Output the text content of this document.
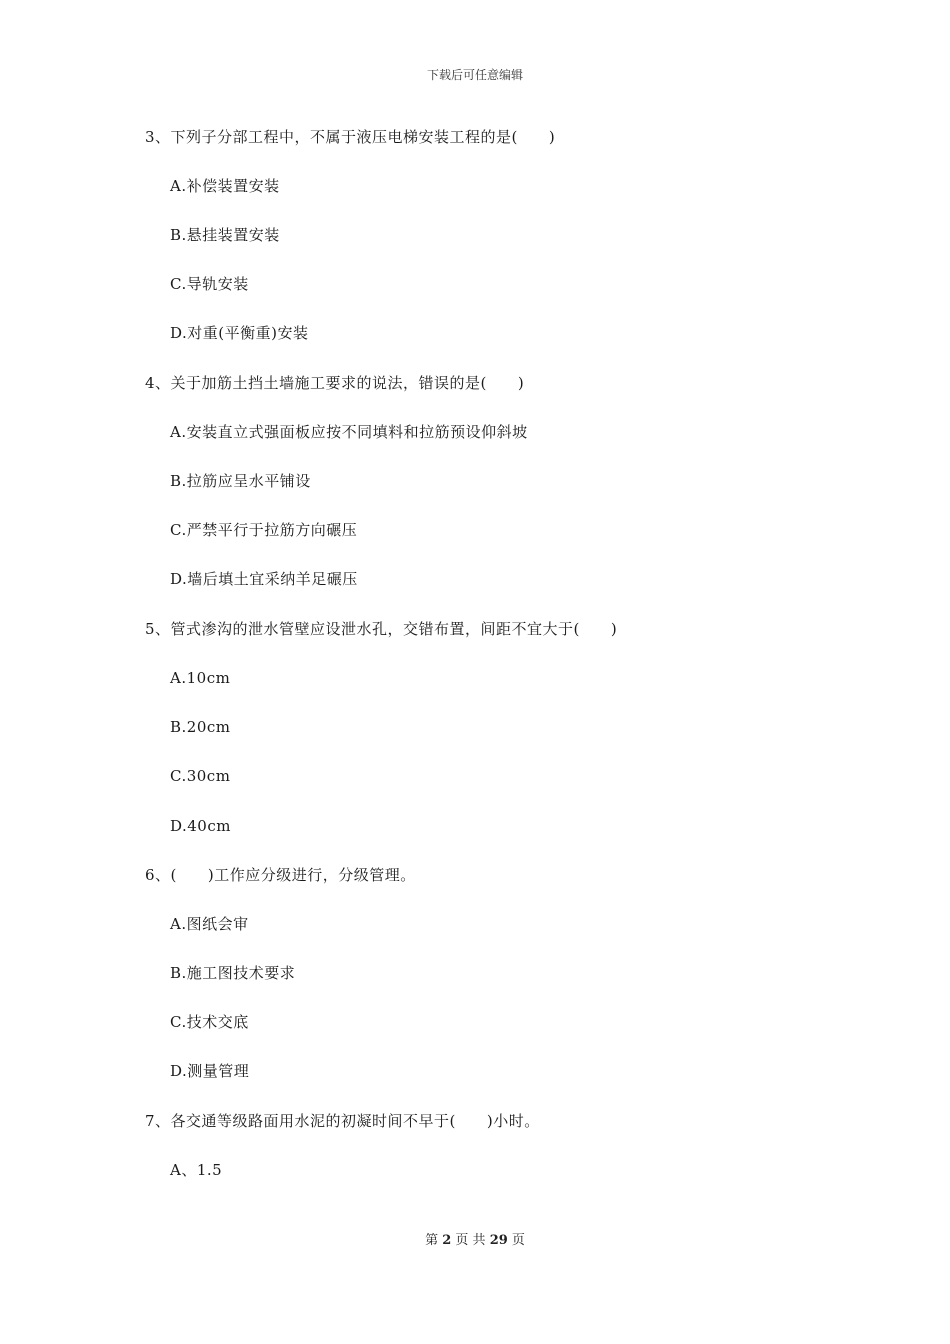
下载后可任意编辑
3、下列子分部工程中，不属于液压电梯安装工程的是(　　)
A.补偿装置安装
B.悬挂装置安装
C.导轨安装
D.对重(平衡重)安装
4、关于加筋土挡土墙施工要求的说法，错误的是(　　)
A.安装直立式强面板应按不同填料和拉筋预设仰斜坡
B.拉筋应呈水平铺设
C.严禁平行于拉筋方向碾压
D.墙后填土宜采纳羊足碾压
5、管式渗沟的泄水管壁应设泄水孔，交错布置，间距不宜大于(　　)
A.10cm
B.20cm
C.30cm
D.40cm
6、(　　)工作应分级进行，分级管理。
A.图纸会审
B.施工图技术要求
C.技术交底
D.测量管理
7、各交通等级路面用水泥的初凝时间不早于(　　)小时。
A、1.5
第 2 页 共 29 页
